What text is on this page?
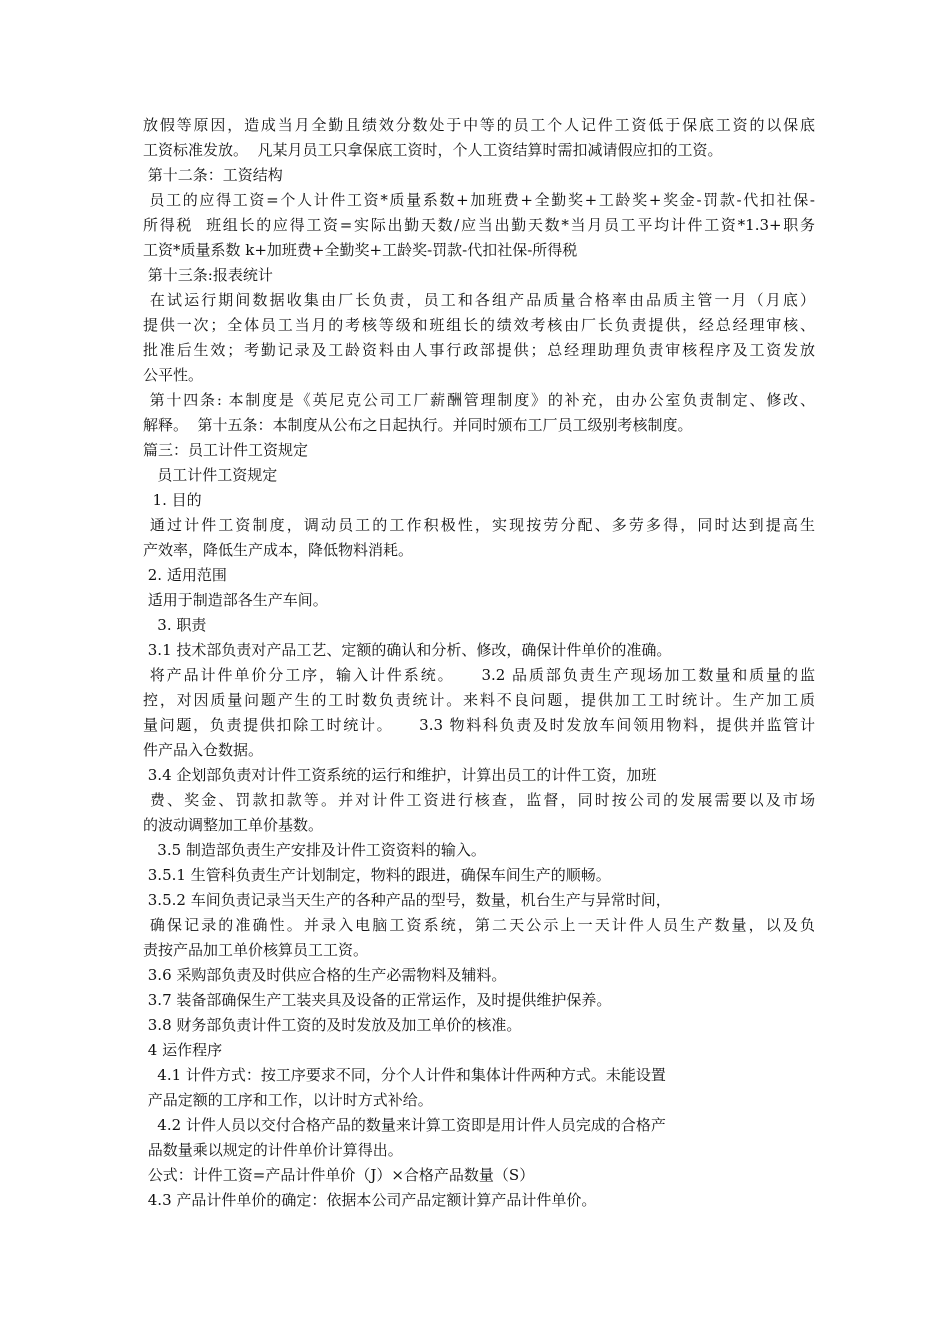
放假等原因，造成当月全勤且绩效分数处于中等的员工个人记件工资低于保底工资的以保底
工资标准发放。  凡某月员工只拿保底工资时，个人工资结算时需扣减请假应扣的工资。
第十二条：工资结构
员工的应得工资=个人计件工资*质量系数+加班费+全勤奖+工龄奖+奖金-罚款-代扣社保-
所得税  班组长的应得工资=实际出勤天数/应当出勤天数*当月员工平均计件工资*1.3+职务
工资*质量系数 k+加班费+全勤奖+工龄奖-罚款-代扣社保-所得税
第十三条:报表统计
在试运行期间数据收集由厂长负责，员工和各组产品质量合格率由品质主管一月（月底）
提供一次；全体员工当月的考核等级和班组长的绩效考核由厂长负责提供，经总经理审核、
批准后生效；考勤记录及工龄资料由人事行政部提供；总经理助理负责审核程序及工资发放
公平性。
第十四条: 本制度是《英尼克公司工厂薪酬管理制度》的补充，由办公室负责制定、修改、
解释。  第十五条：本制度从公布之日起执行。并同时颁布工厂员工级别考核制度。
篇三：员工计件工资规定
员工计件工资规定
1. 目的
通过计件工资制度，调动员工的工作积极性，实现按劳分配、多劳多得，同时达到提高生
产效率，降低生产成本，降低物料消耗。
2. 适用范围
适用于制造部各生产车间。
3. 职责
3.1 技术部负责对产品工艺、定额的确认和分析、修改，确保计件单价的准确。
将产品计件单价分工序，输入计件系统。    3.2 品质部负责生产现场加工数量和质量的监
控，对因质量问题产生的工时数负责统计。来料不良问题，提供加工工时统计。生产加工质
量问题，负责提供扣除工时统计。    3.3 物料科负责及时发放车间领用物料，提供并监管计
件产品入仓数据。
3.4 企划部负责对计件工资系统的运行和维护，计算出员工的计件工资，加班
费、奖金、罚款扣款等。并对计件工资进行核查，监督，同时按公司的发展需要以及市场
的波动调整加工单价基数。
3.5 制造部负责生产安排及计件工资资料的输入。
3.5.1 生管科负责生产计划制定，物料的跟进，确保车间生产的顺畅。
3.5.2 车间负责记录当天生产的各种产品的型号，数量，机台生产与异常时间，
确保记录的准确性。并录入电脑工资系统，第二天公示上一天计件人员生产数量，以及负
责按产品加工单价核算员工工资。
3.6 采购部负责及时供应合格的生产必需物料及辅料。
3.7 装备部确保生产工装夹具及设备的正常运作，及时提供维护保养。
3.8 财务部负责计件工资的及时发放及加工单价的核准。
4 运作程序
4.1 计件方式：按工序要求不同，分个人计件和集体计件两种方式。未能设置
产品定额的工序和工作，以计时方式补给。
4.2 计件人员以交付合格产品的数量来计算工资即是用计件人员完成的合格产
品数量乘以规定的计件单价计算得出。
公式：计件工资=产品计件单价（J）×合格产品数量（S）
4.3 产品计件单价的确定：依据本公司产品定额计算产品计件单价。
